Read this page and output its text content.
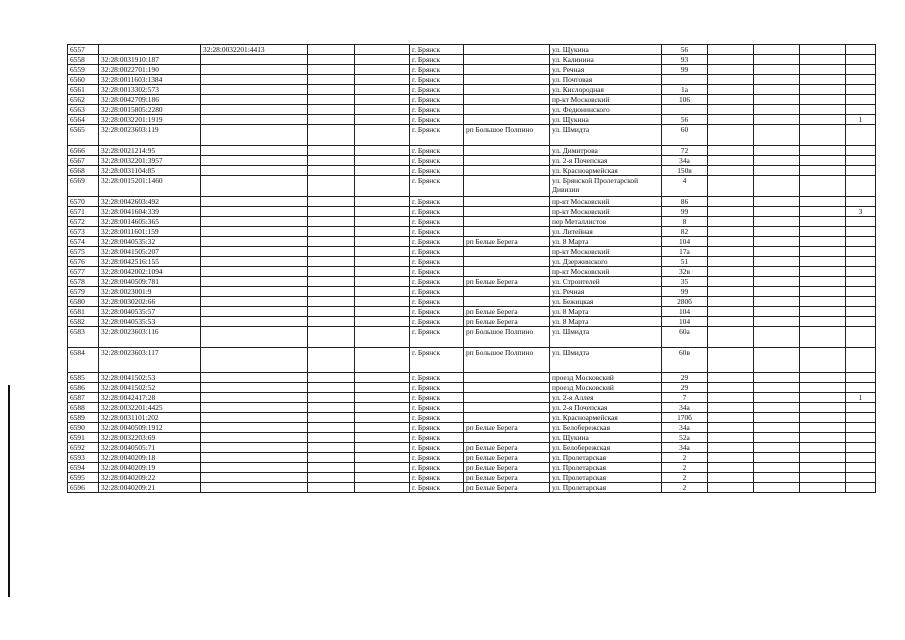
6557		32:28:0032201:4413			г. Брянск		ул. Щукина	56				
6558	32:28:0031910:187				г. Брянск		ул. Калинина	93				
6559	32:28:0022701:190				г. Брянск		ул. Речная	99				
6560	32:28:0011603:1384				г. Брянск		ул. Почтовая					
6561	32:28:0013302:573				г. Брянск		ул. Кислородная	1а				
6562	32:28:0042709:186				г. Брянск		пр-кт Московский	106				
6563	32:28:0015805:2280				г. Брянск		ул. Федюнинского					
6564	32:28:0032201:1919				г. Брянск		ул. Щукина	56				1
6565	32:28:0023603:119				г. Брянск	рп Большое Полпино	ул. Шмидта	60				
6566	32:28:0021214:95				г. Брянск		ул. Димитрова	72				
6567	32:28:0032201:3957				г. Брянск		ул. 2-я Почепская	34а				
6568	32:28:0031104:85				г. Брянск		ул. Красноармейская	150в				
6569	32:28:0015201:1460				г. Брянск		ул. Брянской Пролетарской Дивизии	4				
6570	32:28:0042603:492				г. Брянск		пр-кт Московский	86				
6571	32:28:0041604:339				г. Брянск		пр-кт Московский	99				3
6572	32:28:0014605:365				г. Брянск		пер Металлистов	8				
6573	32:28:0011601:159				г. Брянск		ул. Литейная	82				
6574	32:28:0040535:32				г. Брянск	рп Белые Берега	ул. 8 Марта	104				
6575	32:28:0041505:207				г. Брянск		пр-кт Московский	17а				
6576	32:28:0042516:155				г. Брянск		ул. Дзержинского	51				
6577	32:28:0042002:1094				г. Брянск		пр-кт Московский	32в				
6578	32:28:0040509:781				г. Брянск	рп Белые Берега	ул. Строителей	35				
6579	32:28:0023001:9				г. Брянск		ул. Речная	99				
6580	32:28:0030202:66				г. Брянск		ул. Бежицкая	280б				
6581	32:28:0040535:57				г. Брянск	рп Белые Берега	ул. 8 Марта	104				
6582	32:28:0040535:53				г. Брянск	рп Белые Берега	ул. 8 Марта	104				
6583	32:28:0023603:116				г. Брянск	рп Большое Полпино	ул. Шмидта	60а				
6584	32:28:0023603:117				г. Брянск	рп Большое Полпино	ул. Шмидта	60в				
6585	32:28:0041502:53				г. Брянск		проезд Московский	29				
6586	32:28:0041502:52				г. Брянск		проезд Московский	29				
6587	32:28:0042417:28				г. Брянск		ул. 2-я Аллея	7				1
6588	32:28:0032201:4425				г. Брянск		ул. 2-я Почепская	34а				
6589	32:28:0031101:202				г. Брянск		ул. Красноармейская	170б				
6590	32:28:0040509:1912				г. Брянск	рп Белые Берега	ул. Белобережская	34а				
6591	32:28:0032203:69				г. Брянск		ул. Щукина	52а				
6592	32:28:0040505:71				г. Брянск	рп Белые Берега	ул. Белобережская	34а				
6593	32:28:0040209:18				г. Брянск	рп Белые Берега	ул. Пролетарская	2				
6594	32:28:0040209:19				г. Брянск	рп Белые Берега	ул. Пролетарская	2				
6595	32:28:0040209:22				г. Брянск	рп Белые Берега	ул. Пролетарская	2				
6596	32:28:0040209:21				г. Брянск	рп Белые Берега	ул. Пролетарская	2				
